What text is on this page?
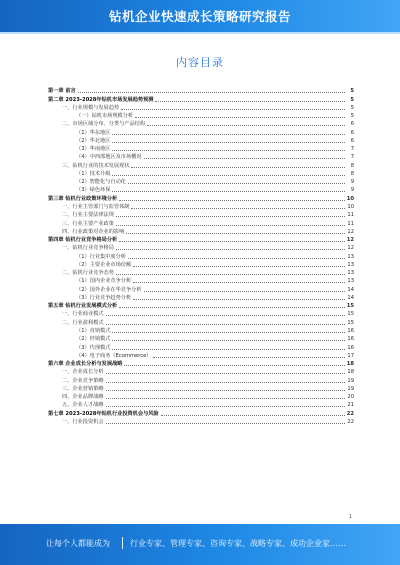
钻机企业快速成长策略研究报告
内容目录
第一章 前言	5
第二章 2023-2028年钻机市场发展趋势预测	5
一、行业规模与发展趋势	5
（一）钻机市场规模分析	5
二、市场区域分布、分类与产品结构	6
（1）华东地区	6
（2）华北地区	6
（3）华南地区	7
（4）中西部地区及市场概况	7
三、钻机行业的技术发展现状	8
（1）技术升级	8
（2）智能化与自动化	9
（3）绿色环保	9
第三章 钻机行业政策环境分析	10
一、行业主管部门与监管体制	10
二、行业主要法律法规	11
三、行业主要产业政策	11
四、行业政策对企业的影响	12
第四章 钻机行业竞争格局分析	12
一、钻机行业竞争格局	12
（1）行业集中度分析	13
（2）主要企业市场份额	13
二、钻机行业竞争态势	13
（1）国内企业竞争分析	13
（2）国外企业在华竞争分析	14
（3）行业竞争趋势分析	14
第五章 钻机行业发展模式分析	15
一、行业商业模式	15
二、行业盈利模式	15
（1）直销模式	16
（2）经销模式	16
（3）代理模式	16
（4）电子商务（Ecommerce）	17
第六章 企业成长分析与发展战略	18
一、企业成长分析	18
二、企业竞争策略	19
三、企业营销策略	19
四、企业品牌战略	20
五、企业人才战略	21
第七章 2023-2028年钻机行业投资机会与风险	22
一、行业投资机会	22
1
让每个人都能成为	行业专家、管理专家、咨询专家、战略专家、成功企业家……
